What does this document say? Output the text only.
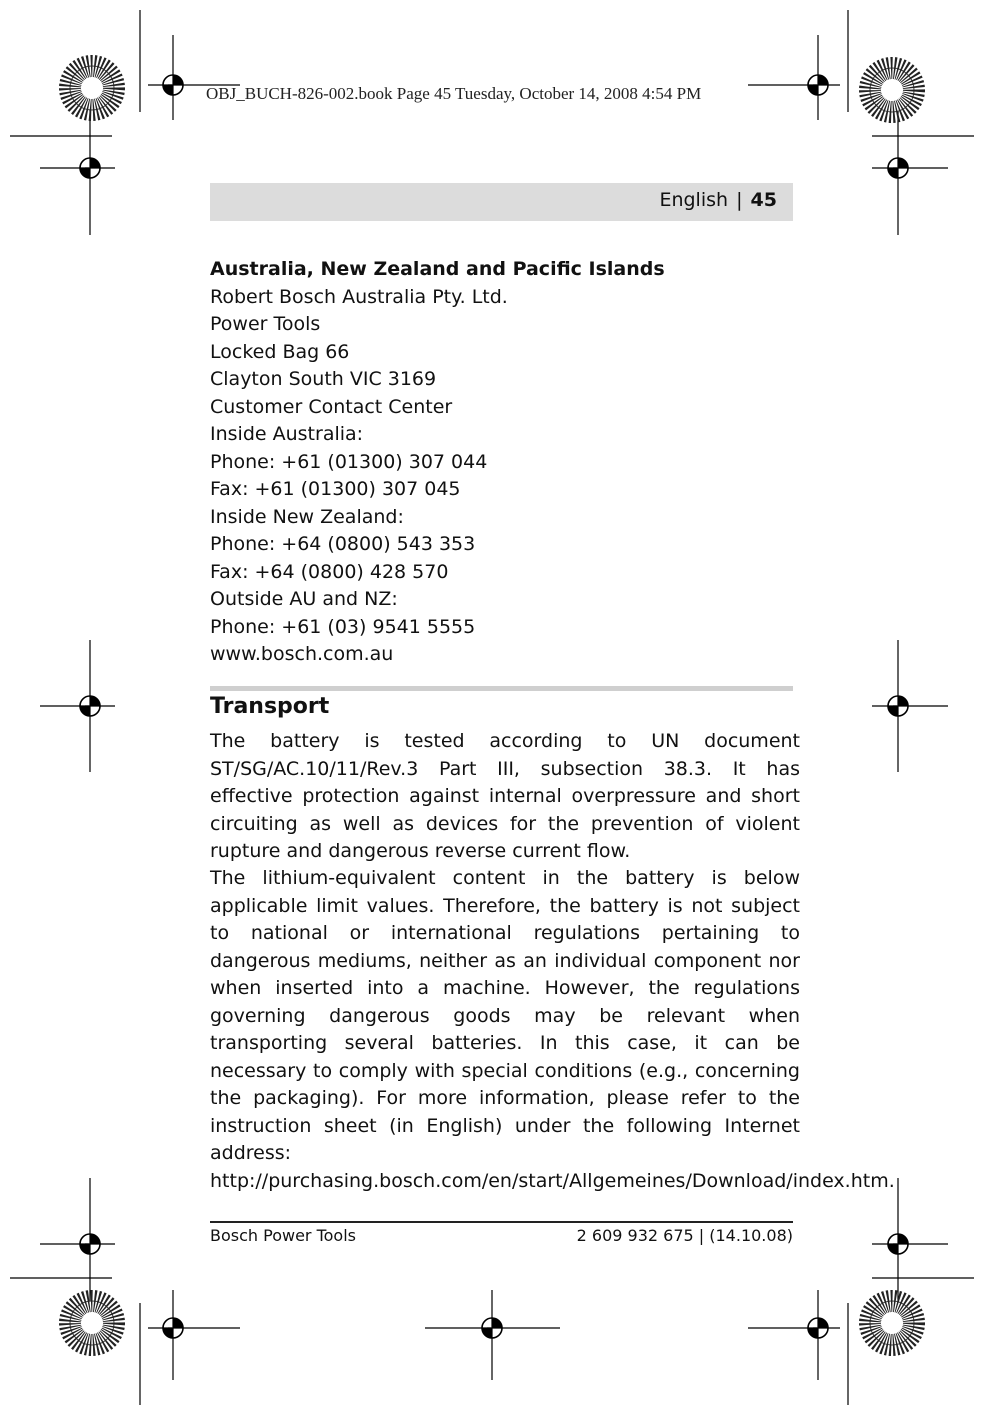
OBJ_BUCH-826-002.book Page 45 Tuesday, October 14, 2008 4:54 PM
English | 45
Australia, New Zealand and Pacific Islands
Robert Bosch Australia Pty. Ltd.
Power Tools
Locked Bag 66
Clayton South VIC 3169
Customer Contact Center
Inside Australia:
Phone: +61 (01300) 307 044
Fax: +61 (01300) 307 045
Inside New Zealand:
Phone: +64 (0800) 543 353
Fax: +64 (0800) 428 570
Outside AU and NZ:
Phone: +61 (03) 9541 5555
www.bosch.com.au
Transport
The battery is tested according to UN document ST/SG/AC.10/11/Rev.3 Part III, subsection 38.3. It has effective protection against internal overpressure and short circuiting as well as devices for the prevention of violent rupture and dangerous reverse current flow.
The lithium-equivalent content in the battery is below applicable limit values. Therefore, the battery is not subject to national or international regulations pertaining to dangerous mediums, neither as an individual component nor when inserted into a machine. However, the regulations governing dangerous goods may be relevant when transporting several batteries. In this case, it can be necessary to comply with special conditions (e.g., concerning the packaging). For more information, please refer to the instruction sheet (in English) under the following Internet address: http://purchasing.bosch.com/en/start/Allgemeines/Download/index.htm.
Bosch Power Tools	2 609 932 675 | (14.10.08)
